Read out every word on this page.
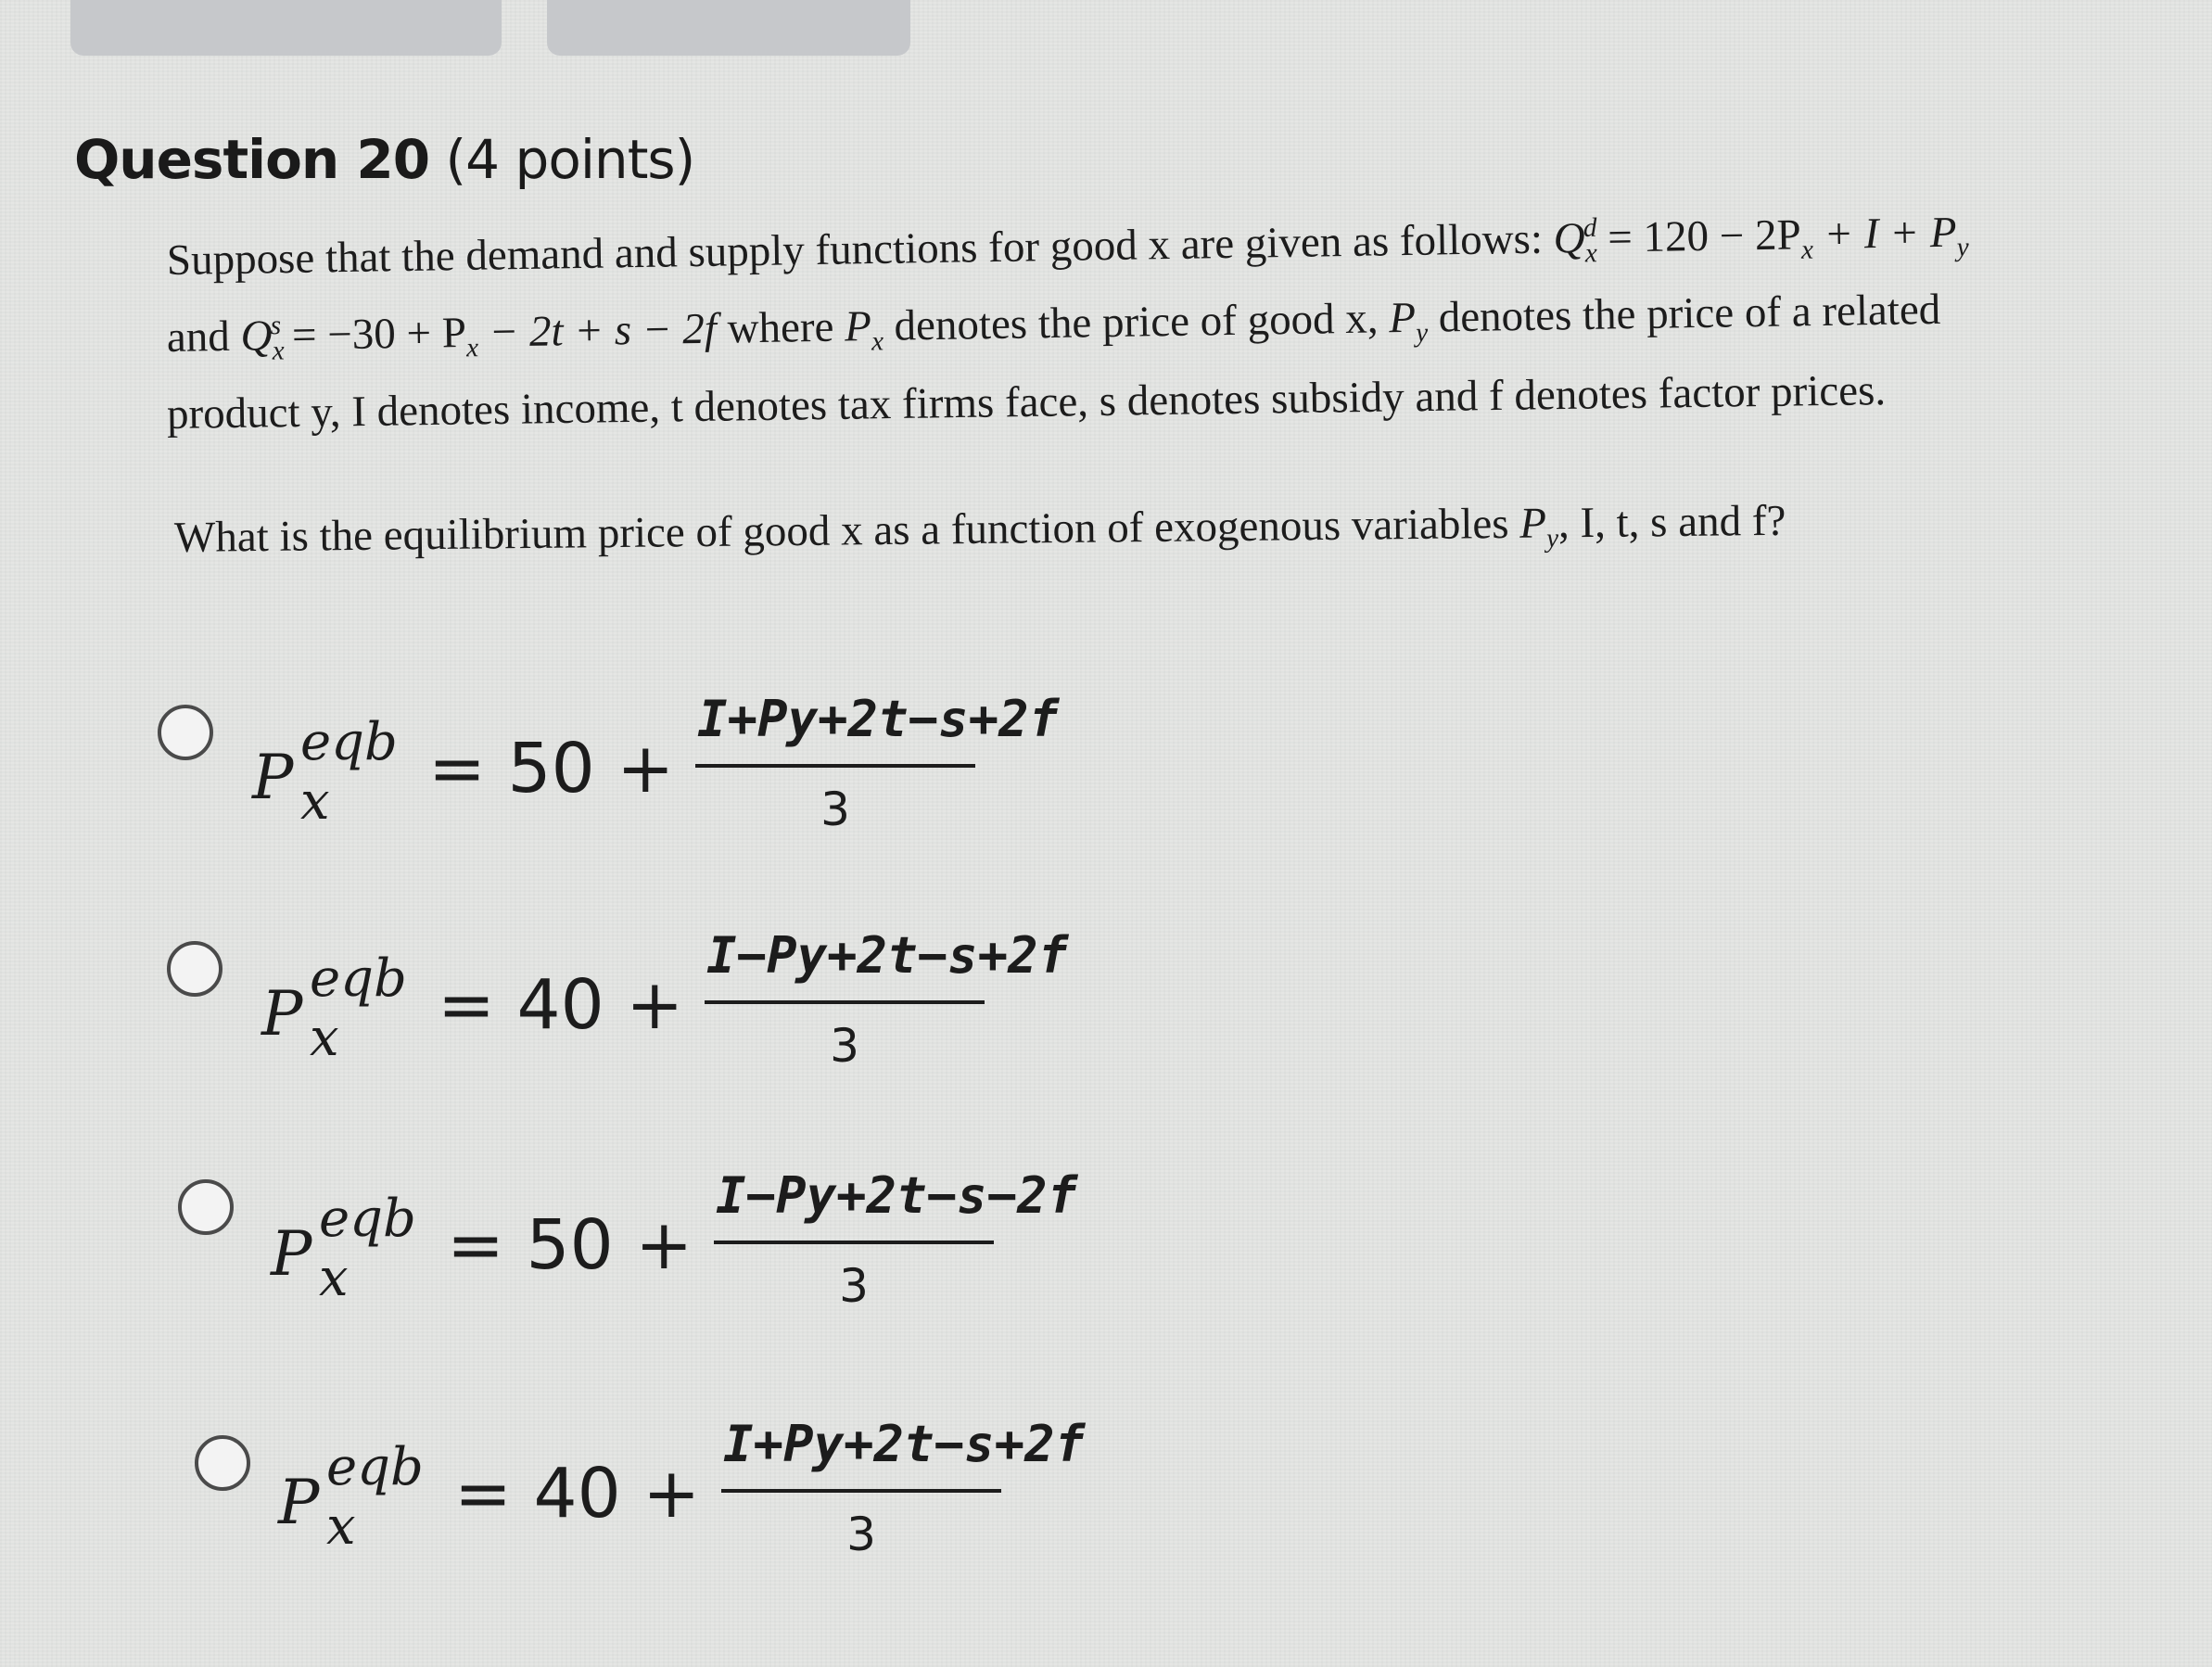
Question 20 (4 points)
Suppose that the demand and supply functions for good x are given as follows: $Q_x^d = 120 - 2P_x + I + P_y$
and $Q_x^s = -30 + P_x - 2t + s - 2f$ where $P_x$ denotes the price of good x, $P_y$ denotes the price of a related
product y, I denotes income, t denotes tax firms face, s denotes subsidy and f denotes factor prices.
What is the equilibrium price of good x as a function of exogenous variables $P_y$, I, t, s and f?
P eqb
x = 50 +
I+Py+2t−s+2f
3
P eqb
x = 40 +
I−Py+2t−s+2f
3
P eqb
x = 50 +
I−Py+2t−s−2f
3
P eqb
x = 40 +
I+Py+2t−s+2f
3
